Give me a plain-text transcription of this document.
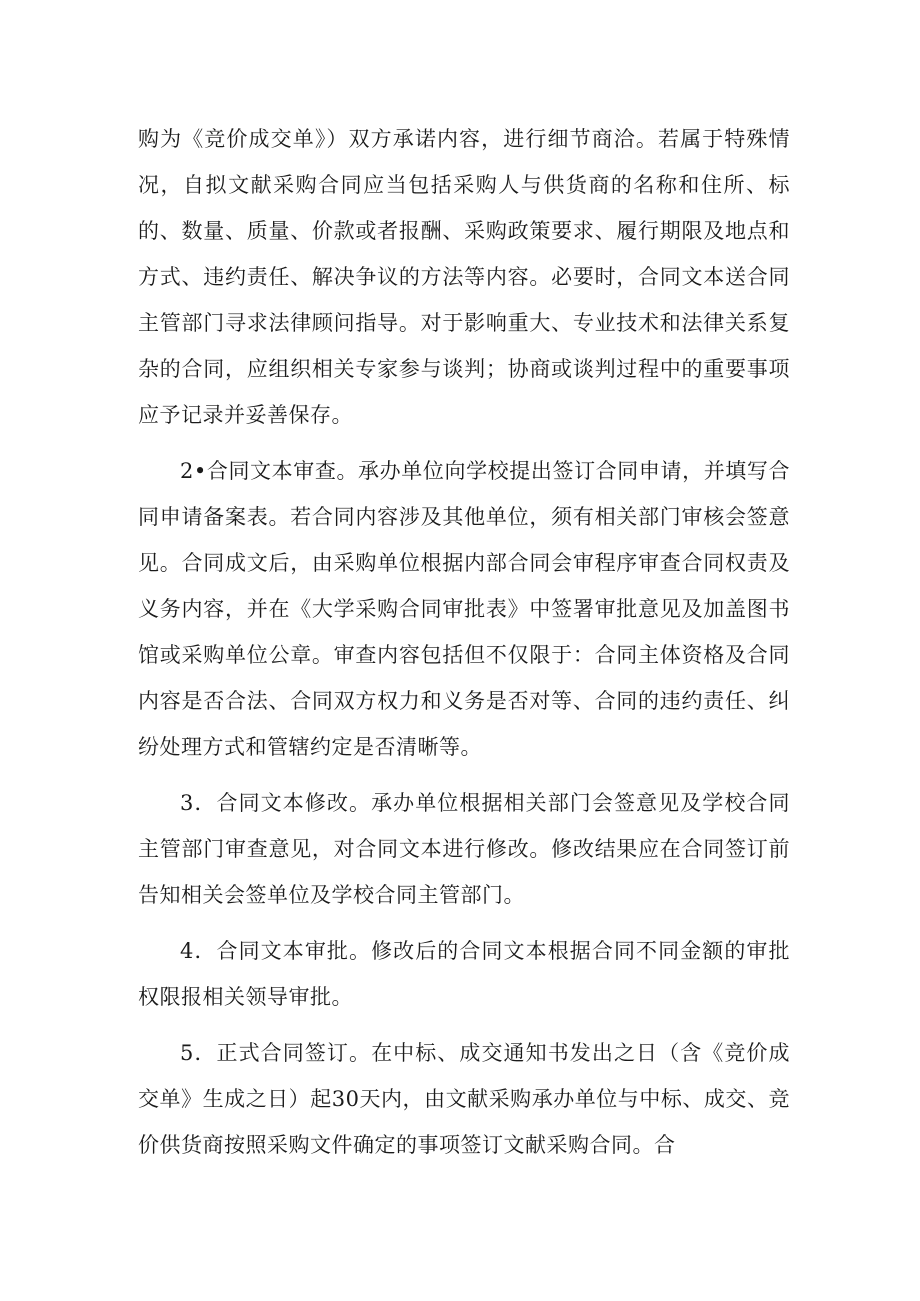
购为《竞价成交单》）双方承诺内容，进行细节商洽。若属于特殊情况，自拟文献采购合同应当包括采购人与供货商的名称和住所、标的、数量、质量、价款或者报酬、采购政策要求、履行期限及地点和方式、违约责任、解决争议的方法等内容。必要时，合同文本送合同主管部门寻求法律顾问指导。对于影响重大、专业技术和法律关系复杂的合同，应组织相关专家参与谈判；协商或谈判过程中的重要事项应予记录并妥善保存。

2•合同文本审查。承办单位向学校提出签订合同申请，并填写合同申请备案表。若合同内容涉及其他单位，须有相关部门审核会签意见。合同成文后，由采购单位根据内部合同会审程序审查合同权责及义务内容，并在《大学采购合同审批表》中签署审批意见及加盖图书馆或采购单位公章。审查内容包括但不仅限于：合同主体资格及合同内容是否合法、合同双方权力和义务是否对等、合同的违约责任、纠纷处理方式和管辖约定是否清晰等。

3．合同文本修改。承办单位根据相关部门会签意见及学校合同主管部门审查意见，对合同文本进行修改。修改结果应在合同签订前告知相关会签单位及学校合同主管部门。

4．合同文本审批。修改后的合同文本根据合同不同金额的审批权限报相关领导审批。

5．正式合同签订。在中标、成交通知书发出之日（含《竞价成交单》生成之日）起30天内，由文献采购承办单位与中标、成交、竞价供货商按照采购文件确定的事项签订文献采购合同。合
